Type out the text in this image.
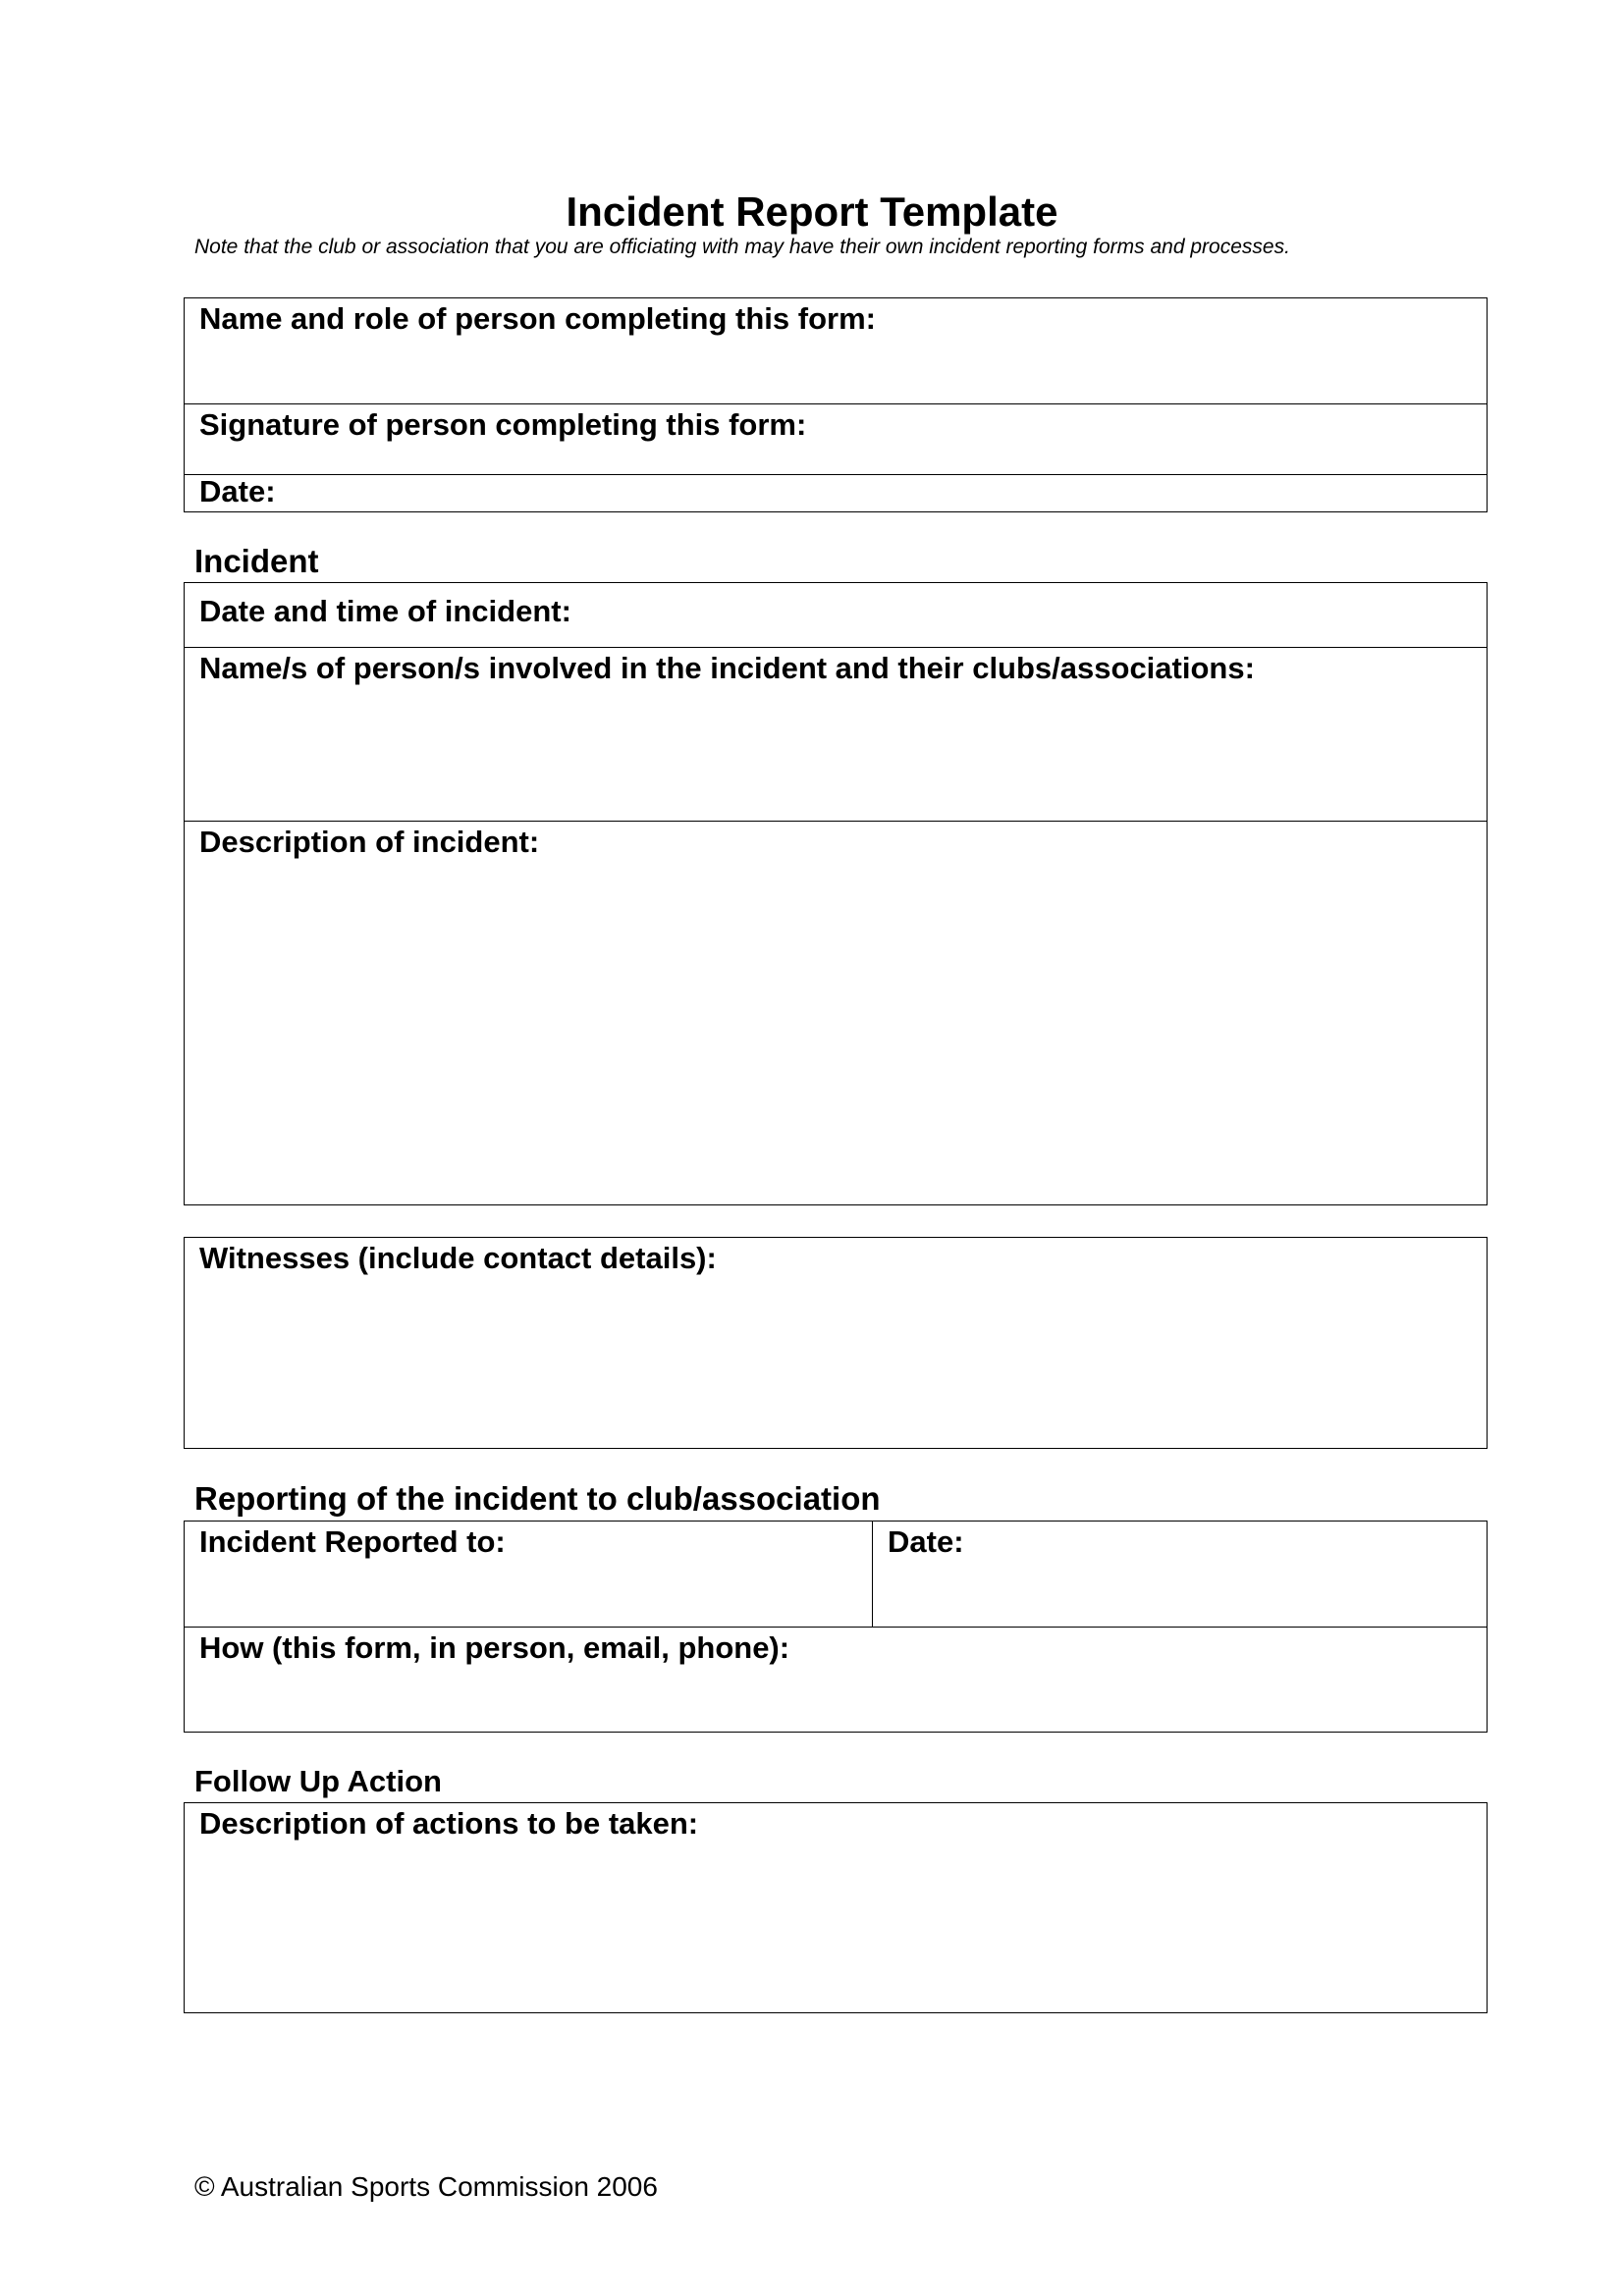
Incident Report Template
Note that the club or association that you are officiating with may have their own incident reporting forms and processes.
Name and role of person completing this form:
Signature of person completing this form:
Date:
Incident
Date and time of incident:
Name/s of person/s involved in the incident and their clubs/associations:
Description of incident:
Witnesses (include contact details):
Reporting of the incident to club/association
Incident Reported to:	Date:
How (this form, in person, email, phone):
Follow Up Action
Description of actions to be taken:
© Australian Sports Commission 2006
